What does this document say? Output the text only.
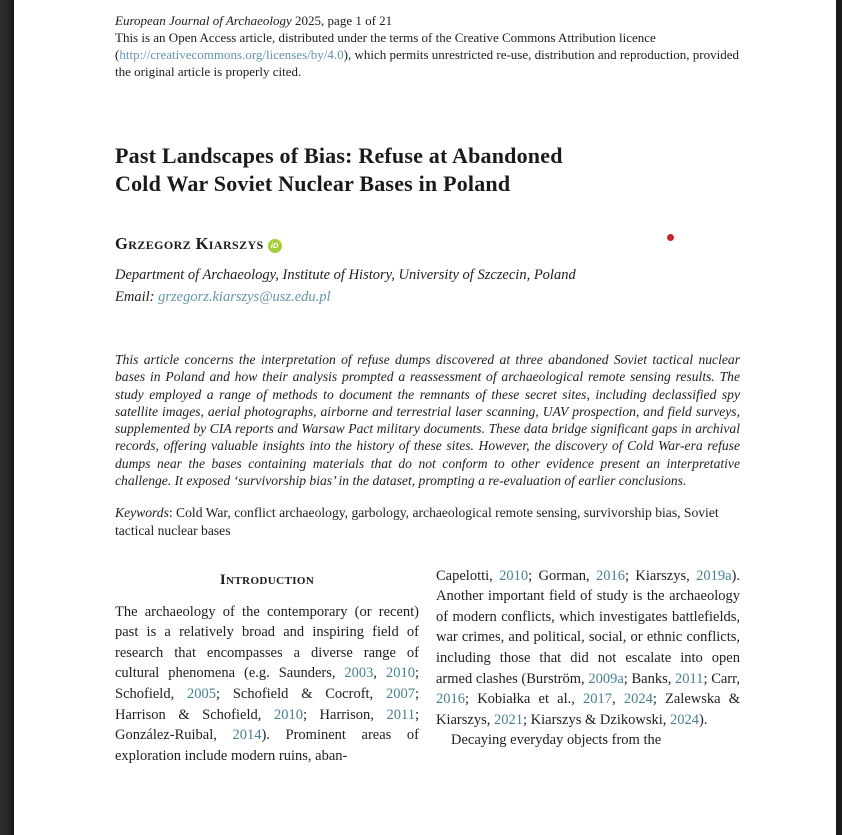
European Journal of Archaeology 2025, page 1 of 21

This is an Open Access article, distributed under the terms of the Creative Commons Attribution licence (http://creativecommons.org/licenses/by/4.0), which permits unrestricted re-use, distribution and reproduction, provided the original article is properly cited.

Past Landscapes of Bias: Refuse at Abandoned Cold War Soviet Nuclear Bases in Poland
Grzegorz Kiarszys iD

Department of Archaeology, Institute of History, University of Szczecin, Poland

Email: grzegorz.kiarszys@usz.edu.pl

This article concerns the interpretation of refuse dumps discovered at three abandoned Soviet tactical nuclear bases in Poland and how their analysis prompted a reassessment of archaeological remote sensing results. The study employed a range of methods to document the remnants of these secret sites, including declassified spy satellite images, aerial photographs, airborne and terrestrial laser scanning, UAV prospection, and field surveys, supplemented by CIA reports and Warsaw Pact military documents. These data bridge significant gaps in archival records, offering valuable insights into the history of these sites. However, the discovery of Cold War-era refuse dumps near the bases containing materials that do not conform to other evidence present an interpretative challenge. It exposed ‘survivorship bias’ in the dataset, prompting a re-evaluation of earlier conclusions.

Keywords: Cold War, conflict archaeology, garbology, archaeological remote sensing, survivorship bias, Soviet tactical nuclear bases

Introduction

The archaeology of the contemporary (or recent) past is a relatively broad and inspiring field of research that encompasses a diverse range of cultural phenomena (e.g. Saunders, 2003, 2010; Schofield, 2005; Schofield & Cocroft, 2007; Harrison & Schofield, 2010; Harrison, 2011; González-Ruibal, 2014). Prominent areas of exploration include modern ruins, aban-

Capelotti, 2010; Gorman, 2016; Kiarszys, 2019a). Another important field of study is the archaeology of modern conflicts, which investigates battlefields, war crimes, and political, social, or ethnic conflicts, including those that did not escalate into open armed clashes (Burström, 2009a; Banks, 2011; Carr, 2016; Kobiałka et al., 2017, 2024; Zalewska & Kiarszys, 2021; Kiarszys & Dzikowski, 2024).

Decaying everyday objects from the
